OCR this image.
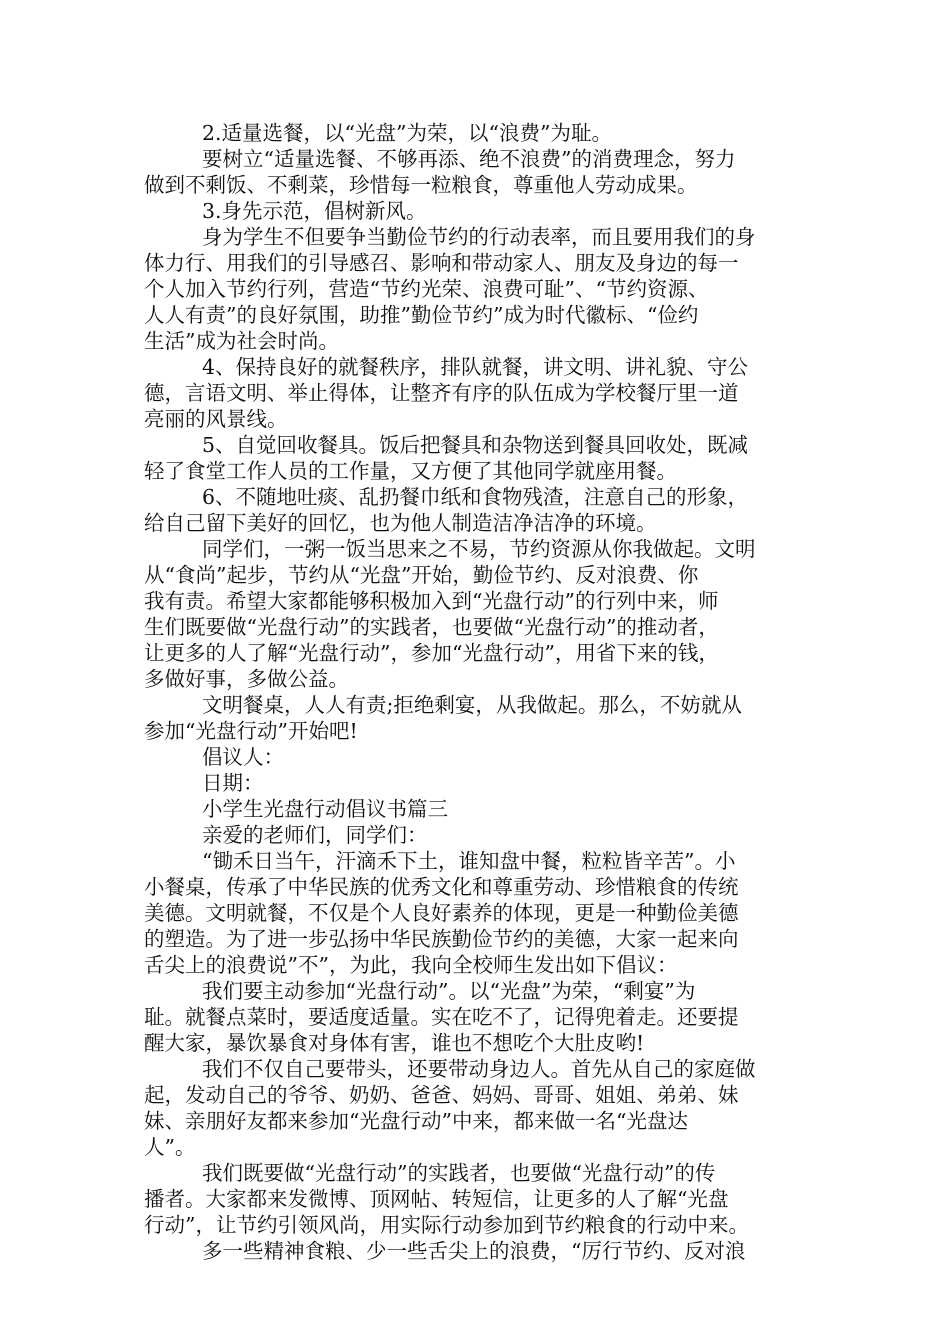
2.适量选餐，以“光盘”为荣，以“浪费”为耻。
要树立“适量选餐、不够再添、绝不浪费”的消费理念，努力
做到不剩饭、不剩菜，珍惜每一粒粮食，尊重他人劳动成果。
3.身先示范，倡树新风。
身为学生不但要争当勤俭节约的行动表率，而且要用我们的身
体力行、用我们的引导感召、影响和带动家人、朋友及身边的每一
个人加入节约行列，营造“节约光荣、浪费可耻”、“节约资源、
人人有责”的良好氛围，助推”勤俭节约”成为时代徽标、“俭约
生活”成为社会时尚。
4、保持良好的就餐秩序，排队就餐，讲文明、讲礼貌、守公
德，言语文明、举止得体，让整齐有序的队伍成为学校餐厅里一道
亮丽的风景线。
5、自觉回收餐具。饭后把餐具和杂物送到餐具回收处，既减
轻了食堂工作人员的工作量，又方便了其他同学就座用餐。
6、不随地吐痰、乱扔餐巾纸和食物残渣，注意自己的形象，
给自己留下美好的回忆，也为他人制造洁净洁净的环境。
同学们，一粥一饭当思来之不易，节约资源从你我做起。文明
从“食尚”起步，节约从“光盘”开始，勤俭节约、反对浪费、你
我有责。希望大家都能够积极加入到“光盘行动”的行列中来，师
生们既要做“光盘行动”的实践者，也要做“光盘行动”的推动者，
让更多的人了解“光盘行动”，参加“光盘行动”，用省下来的钱，
多做好事，多做公益。
文明餐桌，人人有责;拒绝剩宴，从我做起。那么，不妨就从
参加“光盘行动”开始吧!
倡议人：
日期：
小学生光盘行动倡议书篇三
亲爱的老师们，同学们：
“锄禾日当午，汗滴禾下土，谁知盘中餐，粒粒皆辛苦”。小
小餐桌，传承了中华民族的优秀文化和尊重劳动、珍惜粮食的传统
美德。文明就餐，不仅是个人良好素养的体现，更是一种勤俭美德
的塑造。为了进一步弘扬中华民族勤俭节约的美德，大家一起来向
舌尖上的浪费说”不”，为此，我向全校师生发出如下倡议：
我们要主动参加“光盘行动”。以“光盘”为荣，“剩宴”为
耻。就餐点菜时，要适度适量。实在吃不了，记得兜着走。还要提
醒大家，暴饮暴食对身体有害，谁也不想吃个大肚皮哟!
我们不仅自己要带头，还要带动身边人。首先从自己的家庭做
起，发动自己的爷爷、奶奶、爸爸、妈妈、哥哥、姐姐、弟弟、妹
妹、亲朋好友都来参加“光盘行动”中来，都来做一名“光盘达
人”。
我们既要做“光盘行动”的实践者，也要做“光盘行动”的传
播者。大家都来发微博、顶网帖、转短信，让更多的人了解“光盘
行动”，让节约引领风尚，用实际行动参加到节约粮食的行动中来。
多一些精神食粮、少一些舌尖上的浪费，“厉行节约、反对浪
